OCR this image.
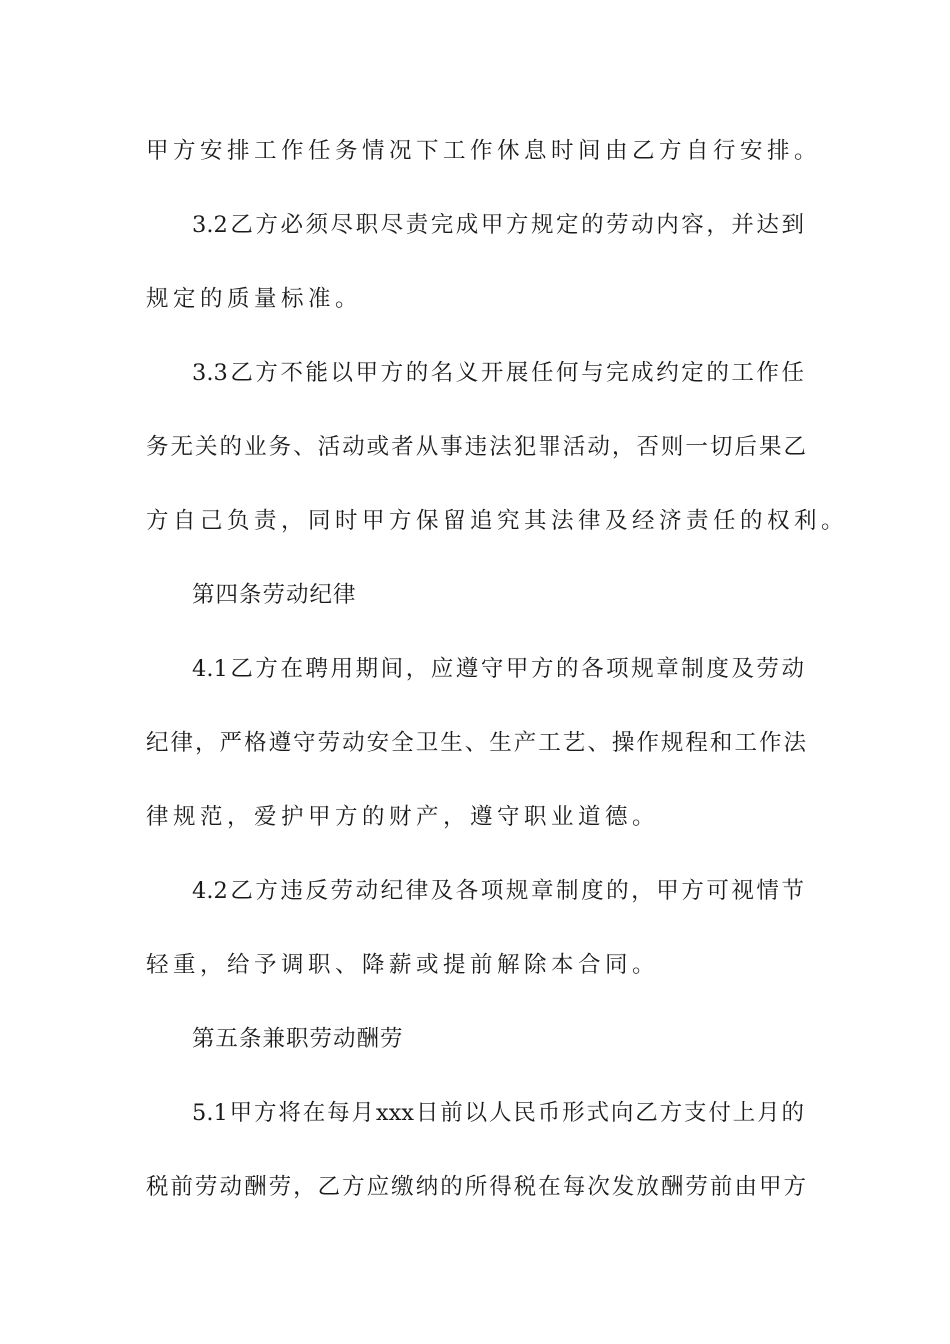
甲方安排工作任务情况下工作休息时间由乙方自行安排。
3.2乙方必须尽职尽责完成甲方规定的劳动内容，并达到
规定的质量标准。
3.3乙方不能以甲方的名义开展任何与完成约定的工作任
务无关的业务、活动或者从事违法犯罪活动，否则一切后果乙
方自己负责，同时甲方保留追究其法律及经济责任的权利。
第四条劳动纪律
4.1乙方在聘用期间，应遵守甲方的各项规章制度及劳动
纪律，严格遵守劳动安全卫生、生产工艺、操作规程和工作法
律规范，爱护甲方的财产，遵守职业道德。
4.2乙方违反劳动纪律及各项规章制度的，甲方可视情节
轻重，给予调职、降薪或提前解除本合同。
第五条兼职劳动酬劳
5.1甲方将在每月xxx日前以人民币形式向乙方支付上月的
税前劳动酬劳，乙方应缴纳的所得税在每次发放酬劳前由甲方
